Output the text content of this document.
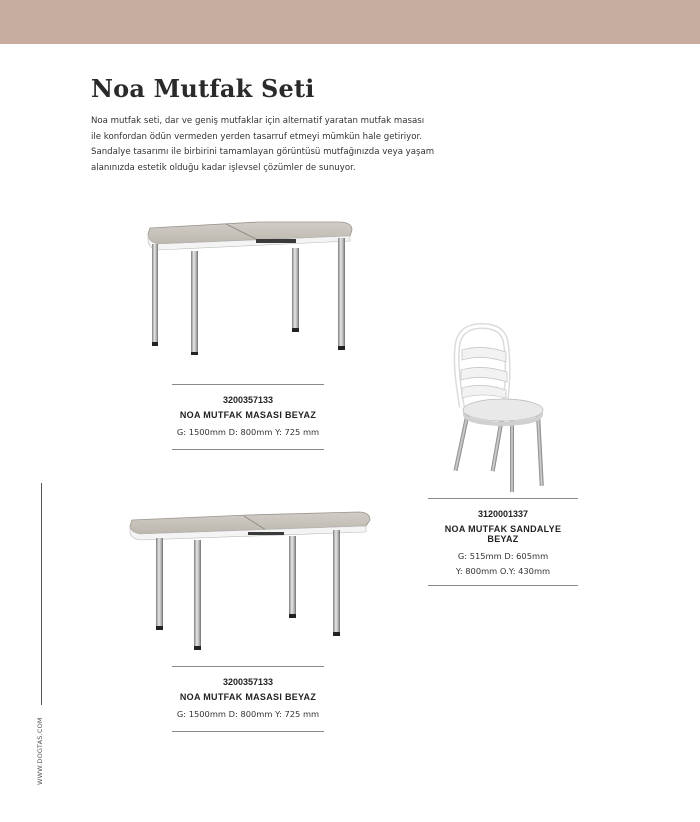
Noa Mutfak Seti

Noa mutfak seti, dar ve geniş mutfaklar için alternatif yaratan mutfak masası

ile konfordan ödün vermeden yerden tasarruf etmeyi mümkün hale getiriyor.

Sandalye tasarımı ile birbirini tamamlayan görüntüsü mutfağınızda veya yaşam

alanınızda estetik olduğu kadar işlevsel çözümler de sunuyor.

3200357133
NOA MUTFAK MASASI BEYAZ
G: 1500mm D: 800mm Y: 725 mm
3120001337
NOA MUTFAK SANDALYE BEYAZ
G: 515mm D: 605mm
Y: 800mm O.Y: 430mm
3200357133
NOA MUTFAK MASASI BEYAZ
G: 1500mm D: 800mm Y: 725 mm
WWW.DOGTAS.COM
